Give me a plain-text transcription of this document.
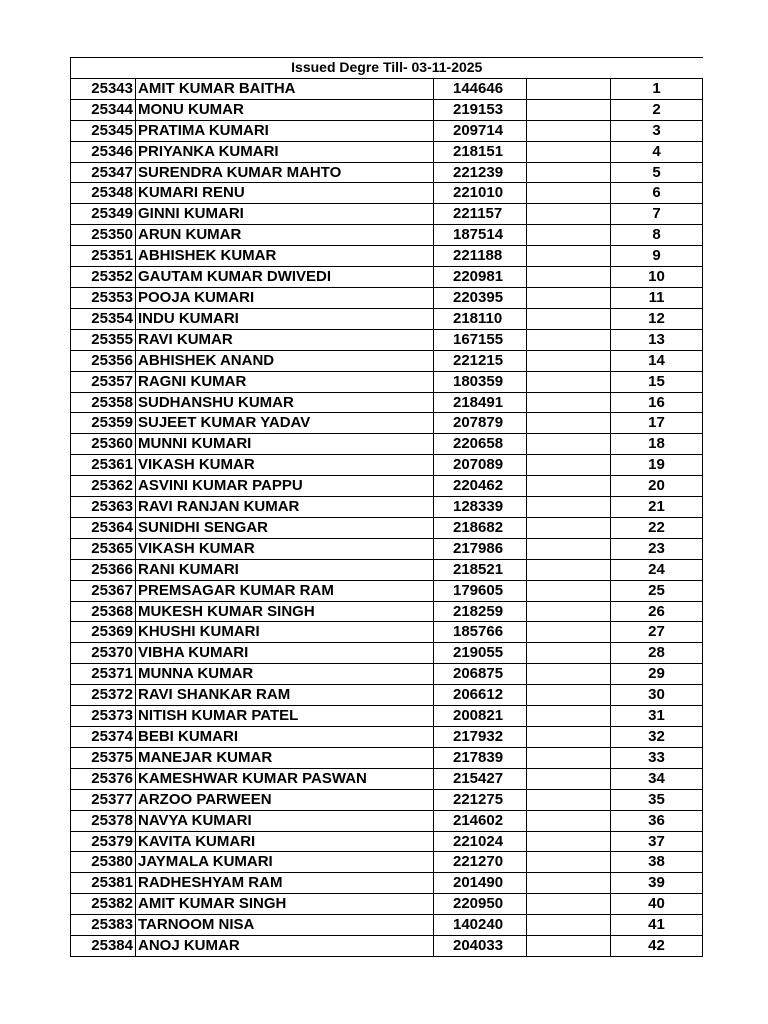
Issued Degre Till- 03-11-2025				
25343	AMIT KUMAR BAITHA	144646		1
25344	MONU KUMAR	219153		2
25345	PRATIMA KUMARI	209714		3
25346	PRIYANKA KUMARI	218151		4
25347	SURENDRA KUMAR MAHTO	221239		5
25348	KUMARI RENU	221010		6
25349	GINNI KUMARI	221157		7
25350	ARUN KUMAR	187514		8
25351	ABHISHEK KUMAR	221188		9
25352	GAUTAM KUMAR DWIVEDI	220981		10
25353	POOJA KUMARI	220395		11
25354	INDU KUMARI	218110		12
25355	RAVI KUMAR	167155		13
25356	ABHISHEK ANAND	221215		14
25357	RAGNI KUMAR	180359		15
25358	SUDHANSHU KUMAR	218491		16
25359	SUJEET KUMAR YADAV	207879		17
25360	MUNNI KUMARI	220658		18
25361	VIKASH KUMAR	207089		19
25362	ASVINI KUMAR PAPPU	220462		20
25363	RAVI RANJAN KUMAR	128339		21
25364	SUNIDHI SENGAR	218682		22
25365	VIKASH KUMAR	217986		23
25366	RANI KUMARI	218521		24
25367	PREMSAGAR KUMAR RAM	179605		25
25368	MUKESH KUMAR SINGH	218259		26
25369	KHUSHI KUMARI	185766		27
25370	VIBHA KUMARI	219055		28
25371	MUNNA KUMAR	206875		29
25372	RAVI SHANKAR RAM	206612		30
25373	NITISH KUMAR PATEL	200821		31
25374	BEBI KUMARI	217932		32
25375	MANEJAR KUMAR	217839		33
25376	KAMESHWAR KUMAR PASWAN	215427		34
25377	ARZOO PARWEEN	221275		35
25378	NAVYA KUMARI	214602		36
25379	KAVITA KUMARI	221024		37
25380	JAYMALA KUMARI	221270		38
25381	RADHESHYAM RAM	201490		39
25382	AMIT KUMAR SINGH	220950		40
25383	TARNOOM NISA	140240		41
25384	ANOJ KUMAR	204033		42
